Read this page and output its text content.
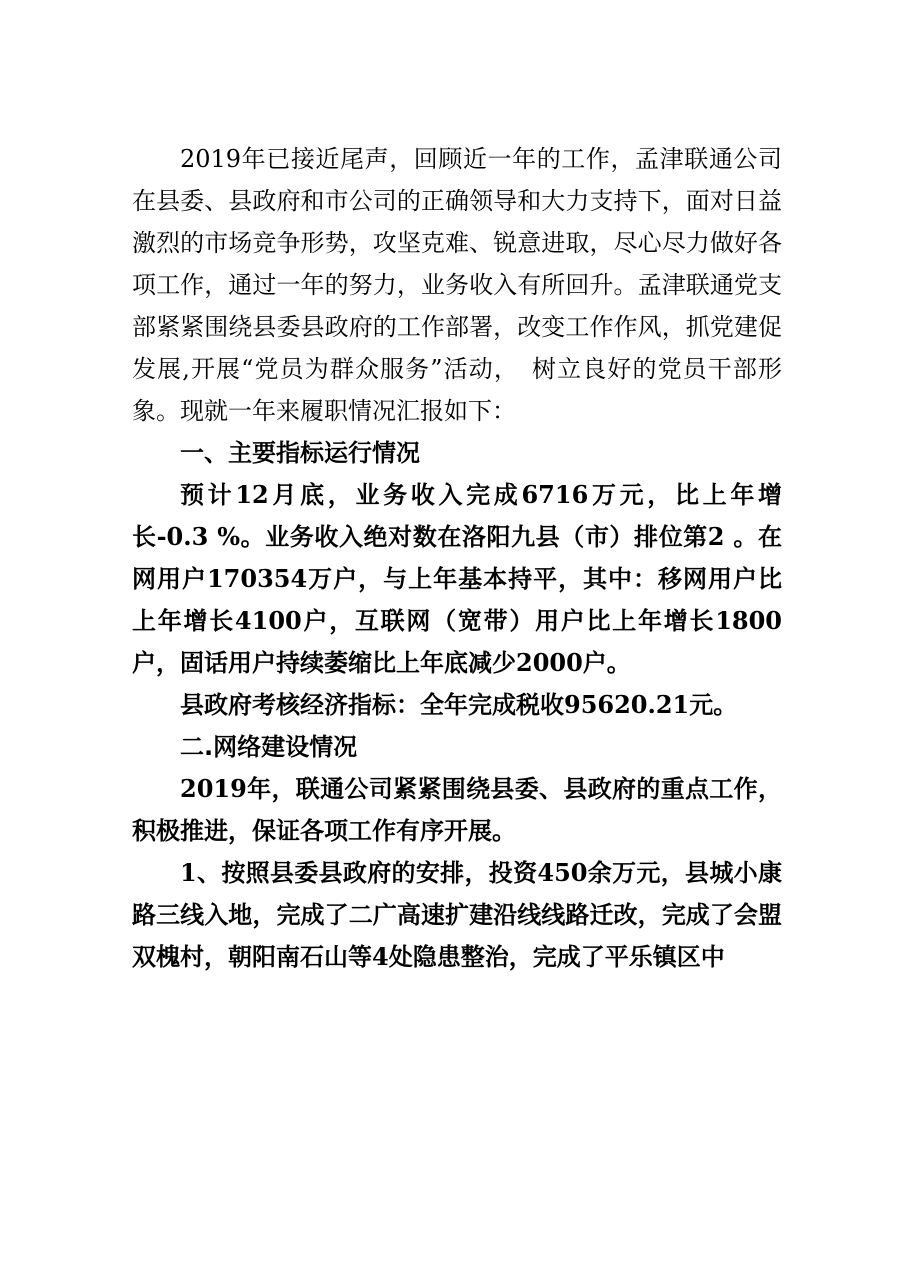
2019年已接近尾声，回顾近一年的工作，孟津联通公司在县委、县政府和市公司的正确领导和大力支持下，面对日益激烈的市场竞争形势，攻坚克难、锐意进取，尽心尽力做好各项工作，通过一年的努力，业务收入有所回升。孟津联通党支部紧紧围绕县委县政府的工作部署，改变工作作风，抓党建促发展,开展“党员为群众服务”活动，　树立良好的党员干部形象。现就一年来履职情况汇报如下：

一、主要指标运行情况

预计12月底，业务收入完成6716万元，比上年增长-0.3 %。业务收入绝对数在洛阳九县（市）排位第2 。在网用户170354万户，与上年基本持平，其中：移网用户比上年增长4100户，互联网（宽带）用户比上年增长1800户，固话用户持续萎缩比上年底减少2000户。

县政府考核经济指标：全年完成税收95620.21元。

二.网络建设情况

2019年，联通公司紧紧围绕县委、县政府的重点工作，积极推进，保证各项工作有序开展。

1、按照县委县政府的安排，投资450余万元，县城小康路三线入地，完成了二广高速扩建沿线线路迁改，完成了会盟双槐村，朝阳南石山等4处隐患整治，完成了平乐镇区中
